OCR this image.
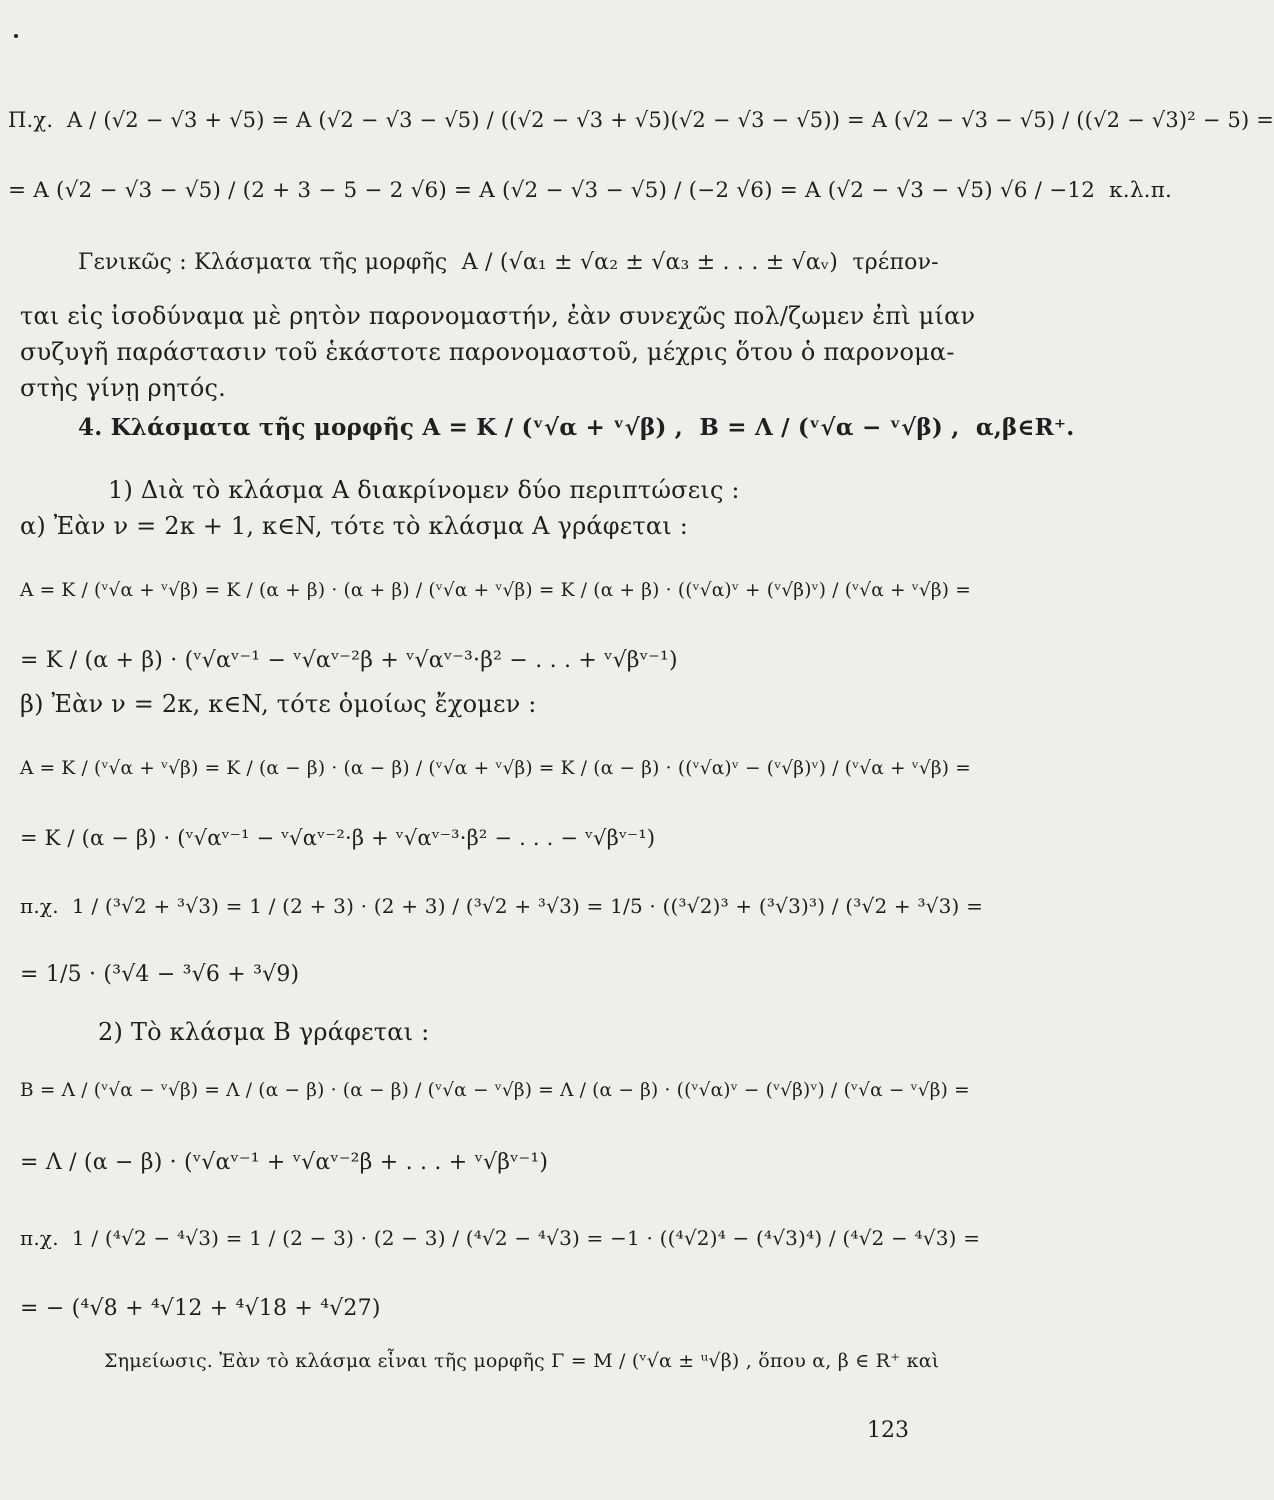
Π.χ.  A / (√2 − √3 + √5) = A (√2 − √3 − √5) / ((√2 − √3 + √5)(√2 − √3 − √5)) = A (√2 − √3 − √5) / ((√2 − √3)² − 5) =
= A (√2 − √3 − √5) / (2 + 3 − 5 − 2 √6) = A (√2 − √3 − √5) / (−2 √6) = A (√2 − √3 − √5) √6 / −12  κ.λ.π.
Γενικῶς : Κλάσματα τῆς μορφῆς  A / (√α₁ ± √α₂ ± √α₃ ± . . . ± √αᵥ)  τρέπον-
ται εἰς ἰσοδύναμα μὲ ρητὸν παρονομαστήν, ἐὰν συνεχῶς πολ/ζωμεν ἐπὶ μίαν
συζυγῆ παράστασιν τοῦ ἑκάστοτε παρονομαστοῦ, μέχρις ὅτου ὁ παρονομα-
στὴς γίνῃ ρητός.
4. Κλάσματα τῆς μορφῆς A = K / (ᵛ√α + ᵛ√β) ,  B = Λ / (ᵛ√α − ᵛ√β) ,  α,β∈R⁺.
1) Διὰ τὸ κλάσμα Α διακρίνομεν δύο περιπτώσεις :
α) Ἐὰν ν = 2κ + 1, κ∈N, τότε τὸ κλάσμα A γράφεται :
A = K / (ᵛ√α + ᵛ√β) = K / (α + β) · (α + β) / (ᵛ√α + ᵛ√β) = K / (α + β) · ((ᵛ√α)ᵛ + (ᵛ√β)ᵛ) / (ᵛ√α + ᵛ√β) =
= K / (α + β) · (ᵛ√αᵛ⁻¹ − ᵛ√αᵛ⁻²β + ᵛ√αᵛ⁻³·β² − . . . + ᵛ√βᵛ⁻¹)
β) Ἐὰν ν = 2κ, κ∈N, τότε ὁμοίως ἔχομεν :
A = K / (ᵛ√α + ᵛ√β) = K / (α − β) · (α − β) / (ᵛ√α + ᵛ√β) = K / (α − β) · ((ᵛ√α)ᵛ − (ᵛ√β)ᵛ) / (ᵛ√α + ᵛ√β) =
= K / (α − β) · (ᵛ√αᵛ⁻¹ − ᵛ√αᵛ⁻²·β + ᵛ√αᵛ⁻³·β² − . . . − ᵛ√βᵛ⁻¹)
π.χ.  1 / (³√2 + ³√3) = 1 / (2 + 3) · (2 + 3) / (³√2 + ³√3) = 1/5 · ((³√2)³ + (³√3)³) / (³√2 + ³√3) =
= 1/5 · (³√4 − ³√6 + ³√9)
2) Τὸ κλάσμα B γράφεται :
B = Λ / (ᵛ√α − ᵛ√β) = Λ / (α − β) · (α − β) / (ᵛ√α − ᵛ√β) = Λ / (α − β) · ((ᵛ√α)ᵛ − (ᵛ√β)ᵛ) / (ᵛ√α − ᵛ√β) =
= Λ / (α − β) · (ᵛ√αᵛ⁻¹ + ᵛ√αᵛ⁻²β + . . . + ᵛ√βᵛ⁻¹)
π.χ.  1 / (⁴√2 − ⁴√3) = 1 / (2 − 3) · (2 − 3) / (⁴√2 − ⁴√3) = −1 · ((⁴√2)⁴ − (⁴√3)⁴) / (⁴√2 − ⁴√3) =
= − (⁴√8 + ⁴√12 + ⁴√18 + ⁴√27)
Σημείωσις. Ἐὰν τὸ κλάσμα εἶναι τῆς μορφῆς Γ = M / (ᵛ√α ± ᵘ√β) , ὅπου α, β ∈ R⁺ καὶ
123
